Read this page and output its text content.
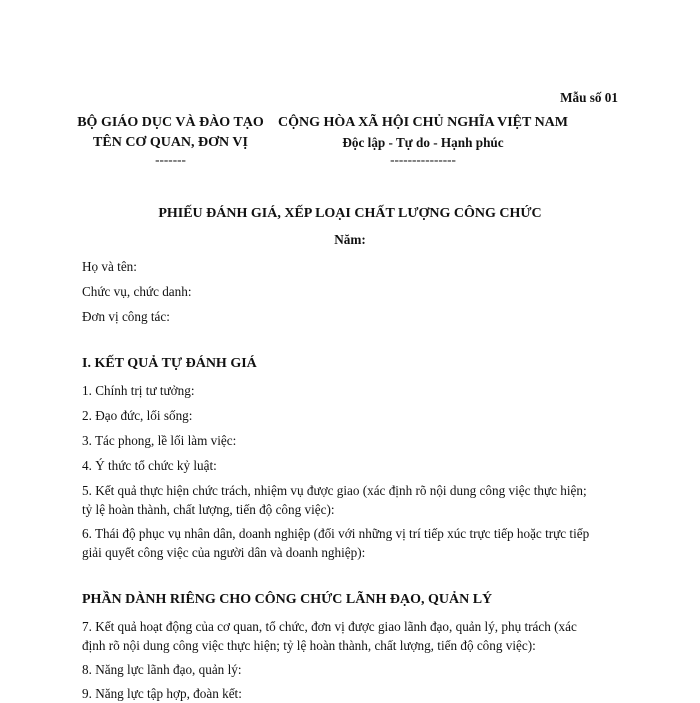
Mẫu số 01
BỘ GIÁO DỤC VÀ ĐÀO TẠO
TÊN CƠ QUAN, ĐƠN VỊ
-------
CỘNG HÒA XÃ HỘI CHỦ NGHĨA VIỆT NAM
Độc lập - Tự do - Hạnh phúc
---------------
PHIẾU ĐÁNH GIÁ, XẾP LOẠI CHẤT LƯỢNG CÔNG CHỨC
Năm:
Họ và tên:
Chức vụ, chức danh:
Đơn vị công tác:
I. KẾT QUẢ TỰ ĐÁNH GIÁ
1. Chính trị tư tưởng:
2. Đạo đức, lối sống:
3. Tác phong, lề lối làm việc:
4. Ý thức tổ chức kỷ luật:
5. Kết quả thực hiện chức trách, nhiệm vụ được giao (xác định rõ nội dung công việc thực hiện;
tỷ lệ hoàn thành, chất lượng, tiến độ công việc):
6. Thái độ phục vụ nhân dân, doanh nghiệp (đối với những vị trí tiếp xúc trực tiếp hoặc trực tiếp
giải quyết công việc của người dân và doanh nghiệp):
PHẦN DÀNH RIÊNG CHO CÔNG CHỨC LÃNH ĐẠO, QUẢN LÝ
7. Kết quả hoạt động của cơ quan, tổ chức, đơn vị được giao lãnh đạo, quản lý, phụ trách (xác
định rõ nội dung công việc thực hiện; tỷ lệ hoàn thành, chất lượng, tiến độ công việc):
8. Năng lực lãnh đạo, quản lý:
9. Năng lực tập hợp, đoàn kết:
